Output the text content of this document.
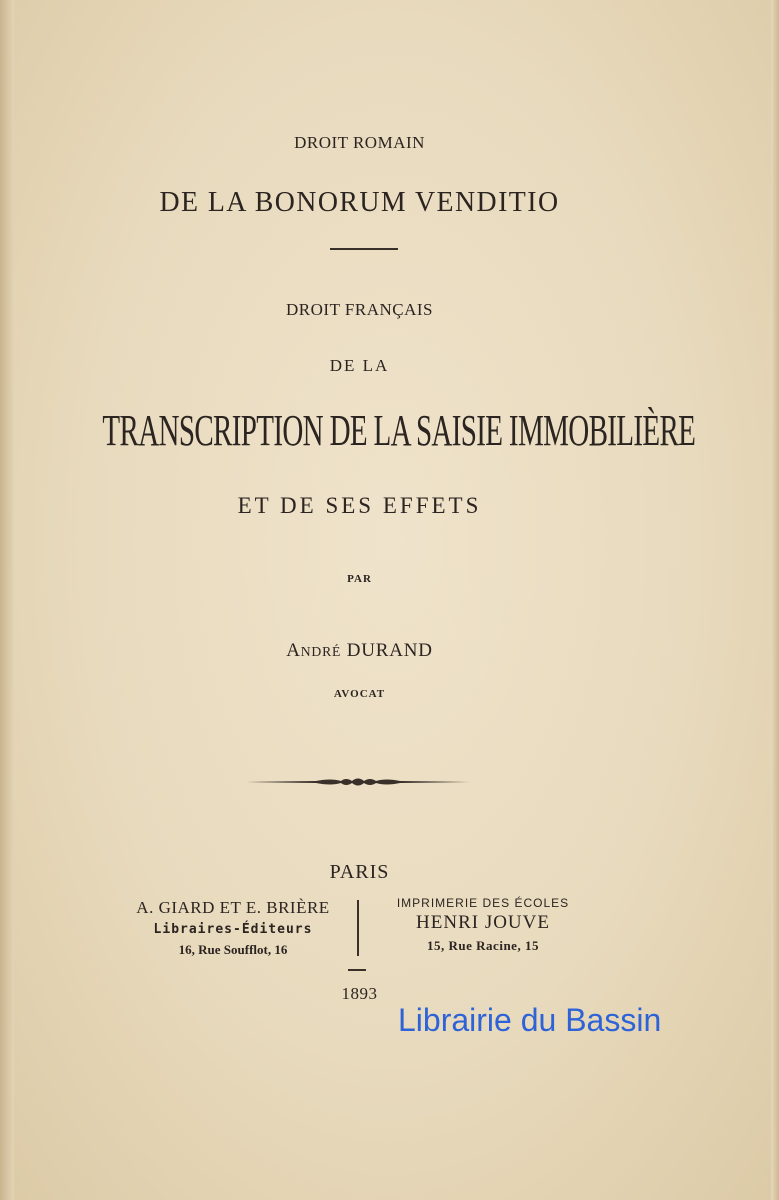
DROIT ROMAIN
DE LA BONORUM VENDITIO
DROIT FRANÇAIS
DE LA
TRANSCRIPTION DE LA SAISIE IMMOBILIÈRE
ET DE SES EFFETS
PAR
ANDRÉ DURAND
AVOCAT
PARIS
A. GIARD ET E. BRIÈRE
Libraires-Éditeurs
16, Rue Soufflot, 16
IMPRIMERIE DES ÉCOLES
HENRI JOUVE
15, Rue Racine, 15
1893
Librairie du Bassin
